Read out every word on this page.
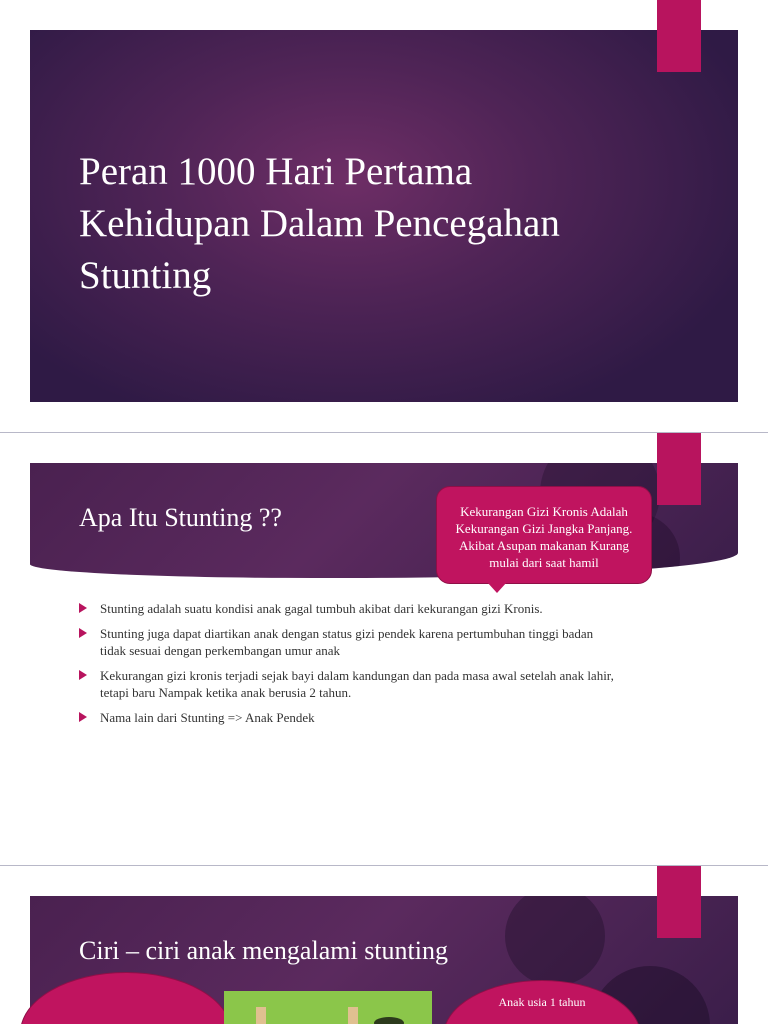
Peran 1000 Hari Pertama Kehidupan Dalam Pencegahan Stunting
Apa Itu Stunting ??	Kekurangan Gizi Kronis Adalah Kekurangan Gizi Jangka Panjang. Akibat Asupan makanan Kurang mulai dari saat hamil
Stunting adalah suatu kondisi anak gagal tumbuh akibat dari kekurangan gizi Kronis.
Stunting juga dapat diartikan anak dengan status gizi pendek karena pertumbuhan tinggi badan tidak sesuai dengan perkembangan umur anak
Kekurangan gizi kronis terjadi sejak bayi dalam kandungan dan pada masa awal setelah anak lahir, tetapi baru Nampak ketika anak berusia 2 tahun.
Nama lain dari Stunting => Anak Pendek
Ciri – ciri anak mengalami stunting
Anak usia 1 tahun
